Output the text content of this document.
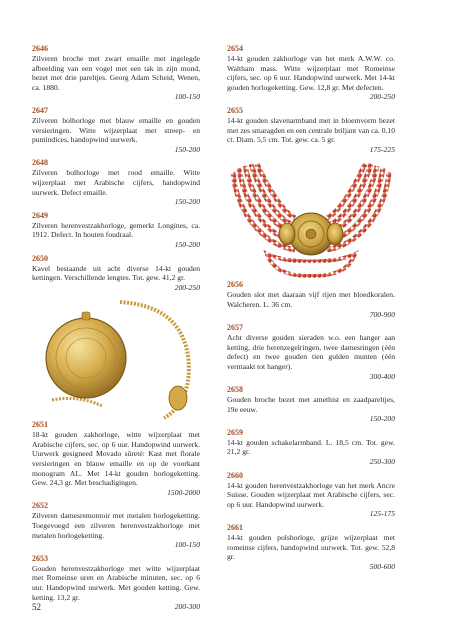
2646
Zilveren broche met zwart emaille met ingelegde afbeelding van een vogel met een tak in zijn mond, bezet met drie pareltjes. Georg Adam Scheid, Wenen, ca. 1880.
100-150
2647
Zilveren bolhorloge met blauw emaille en gouden versieringen. Witte wijzerplaat met streep- en puntindices, handopwind uurwerk.
150-200
2648
Zilveren bolhorloge met rood emaille. Witte wijzerplaat met Arabische cijfers, handopwind uurwerk. Defect emaille.
150-200
2649
Zilveren herenvestzakhorloge, gemerkt Longines, ca. 1912. Defect. In houten foudraal.
150-200
2650
Kavel bestaande uit acht diverse 14-kt gouden kettingen. Verschillende lengtes. Tot. gew. 41,2 gr.
200-250
2651
18-kt gouden zakhorloge, witte wijzerplaat met Arabische cijfers, sec. op 6 uur. Handopwind uurwerk. Uurwerk gesigneed Movado sûreté: Kast met florale versieringen en blauw emaille en op de voorkant monogram AL. Met 14-kt gouden horlogeketting. Gew. 24,3 gr. Met beschadigingen.
1500-2000
2652
Zilveren damesremontoir met metalen horlogeketting. Toegevoegd een zilveren herenvestzakhorloge met metalen horlogeketting.
100-150
2653
Gouden herenvestzakhorloge met witte wijzerplaat met Romeinse uren en Arabische minuten, sec. op 6 uur. Handopwind uurwerk. Met gouden ketting. Gew. ketting. 13,2 gr.
200-300
2654
14-kt gouden zakhorloge van het merk A.W.W. co. Waltham mass. Witte wijzerplaat met Romeinse cijfers, sec. op 6 uur. Handopwind uurwerk. Met 14-kt gouden horlogeketting. Gew. 12,8 gr. Met defecten.
200-250
2655
14-kt gouden slavenarmband met in bloemvorm bezet met zes smaragden en een centrale briljant van ca. 0.10 ct. Diam. 5,5 cm. Tot. gew. ca. 5 gr.
175-225
2656
Gouden slot met daaraan vijf rijen met bloedkoralen. Walcheren. L. 36 cm.
700-900
2657
Acht diverse gouden sieraden w.o. een hanger aan ketting, drie herenzegelringen, twee damesringen (één defect) en twee gouden tien gulden munten (één vermaakt tot hanger).
300-400
2658
Gouden broche bezet met amethist en zaadpareltjes, 19e eeuw.
150-200
2659
14-kt gouden schakelarmband. L. 18,5 cm. Tot. gew. 21,2 gr.
250-300
2660
14-kt gouden herenvestzakhorloge van het merk Ancre Suisse. Gouden wijzerplaat met Arabische cijfers, sec. op 6 uur. Handopwind uurwerk.
125-175
2661
14-kt gouden polshorloge, grijze wijzerplaat met romeinse cijfers, handopwind uurwerk. Tot. gew. 52,8 gr.
500-600
52
